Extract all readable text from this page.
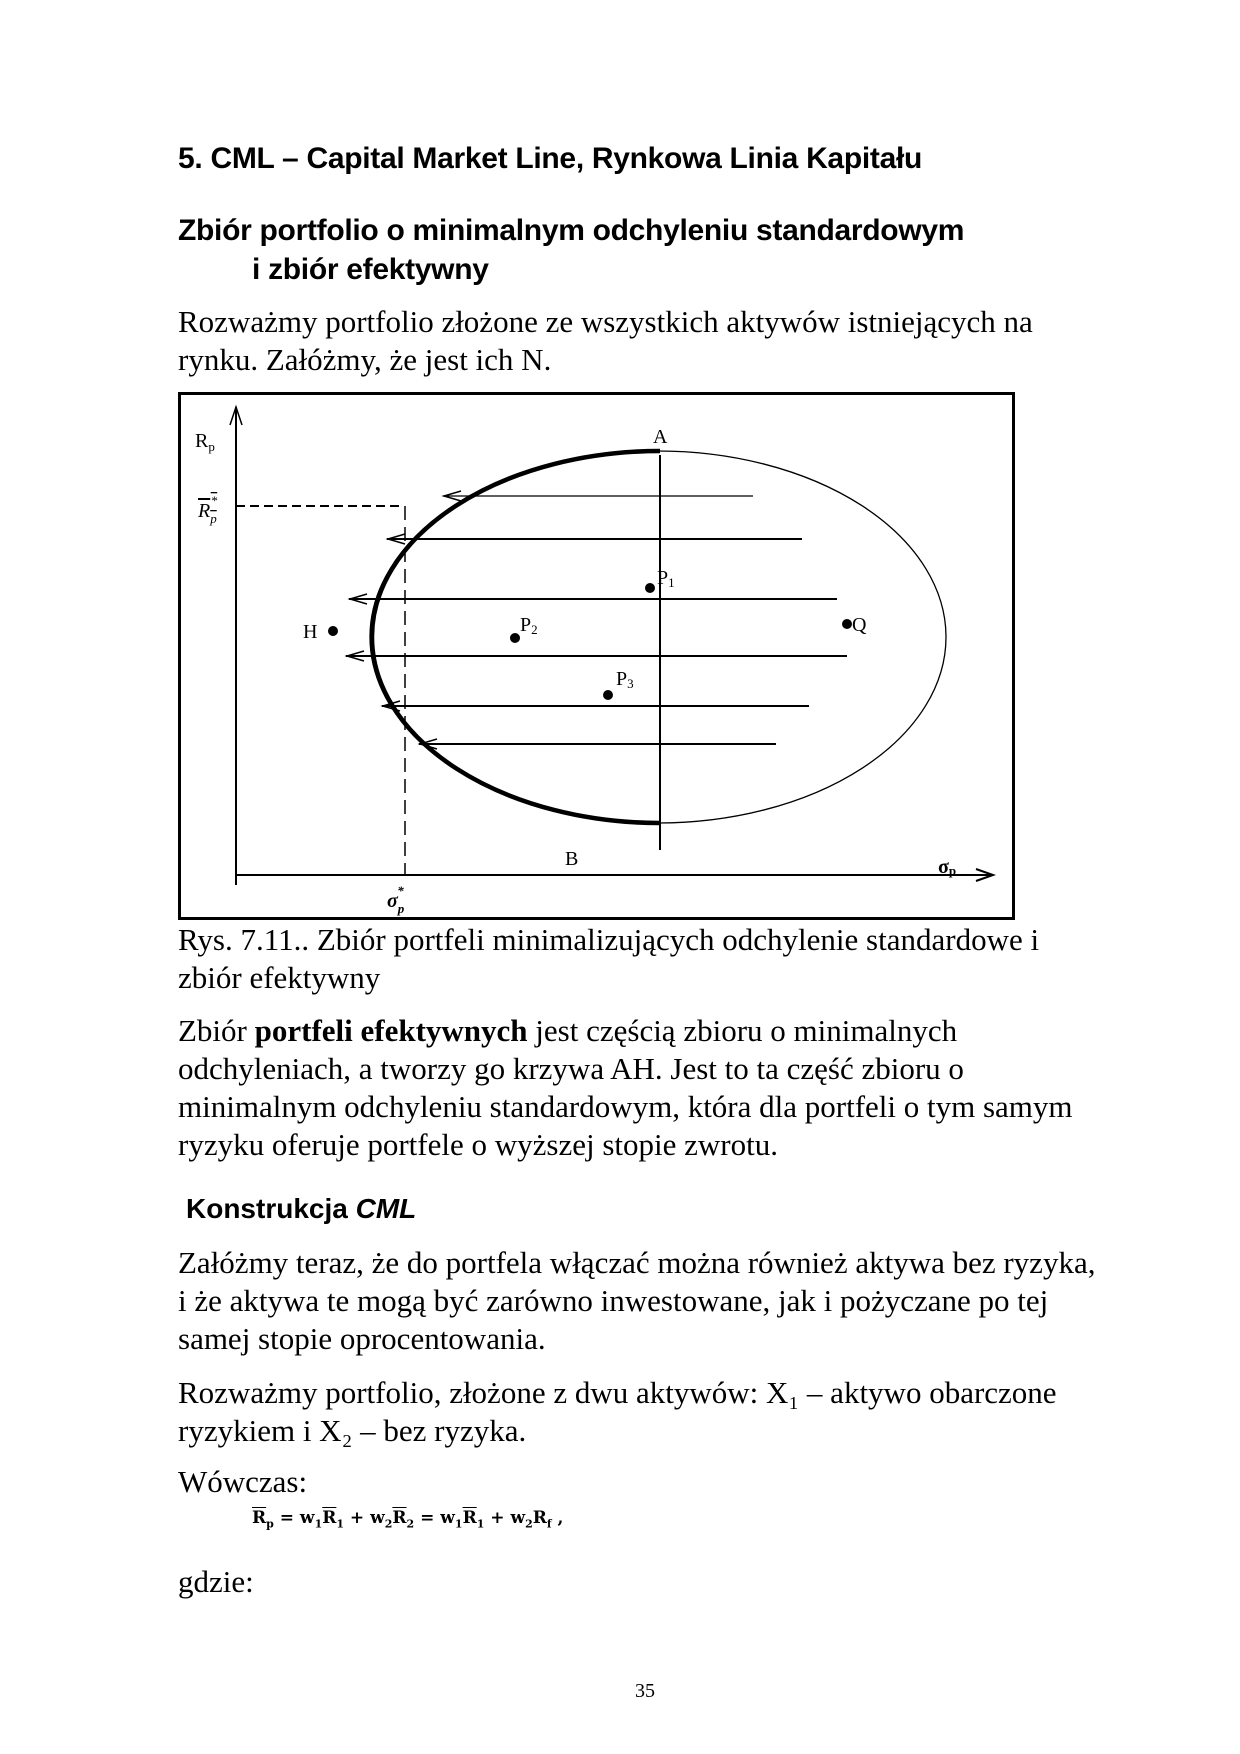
5. CML – Capital Market Line, Rynkowa Linia Kapitału
Zbiór portfolio o minimalnym odchyleniu standardowym
i zbiór efektywny

Rozważmy portfolio złożone ze wszystkich aktywów istniejących na rynku. Załóżmy, że jest ich N.

$R_p$
$R_p*$
A
B
H	Q
P1
P2
P3
σp
$\sigma_p*$

Rys. 7.11.. Zbiór portfeli minimalizujących odchylenie standardowe i zbiór efektywny

Zbiór portfeli efektywnych jest częścią zbioru o minimalnych odchyleniach, a tworzy go krzywa AH. Jest to ta część zbioru o minimalnym odchyleniu standardowym, która dla portfeli o tym samym ryzyku oferuje portfele o wyższej stopie zwrotu.

Konstrukcja CML

Załóżmy teraz, że do portfela włączać można również aktywa bez ryzyka, i że aktywa te mogą być zarówno inwestowane, jak i pożyczane po tej samej stopie oprocentowania.

Rozważmy portfolio, złożone z dwu aktywów: X₁ – aktywo obarczone ryzykiem i X₂ – bez ryzyka.

Wówczas:

$\overline{R}_p = w_1\overline{R}_1 + w_2\overline{R}_2 = w_1\overline{R}_1 + w_2R_f$ ,

gdzie:

35
